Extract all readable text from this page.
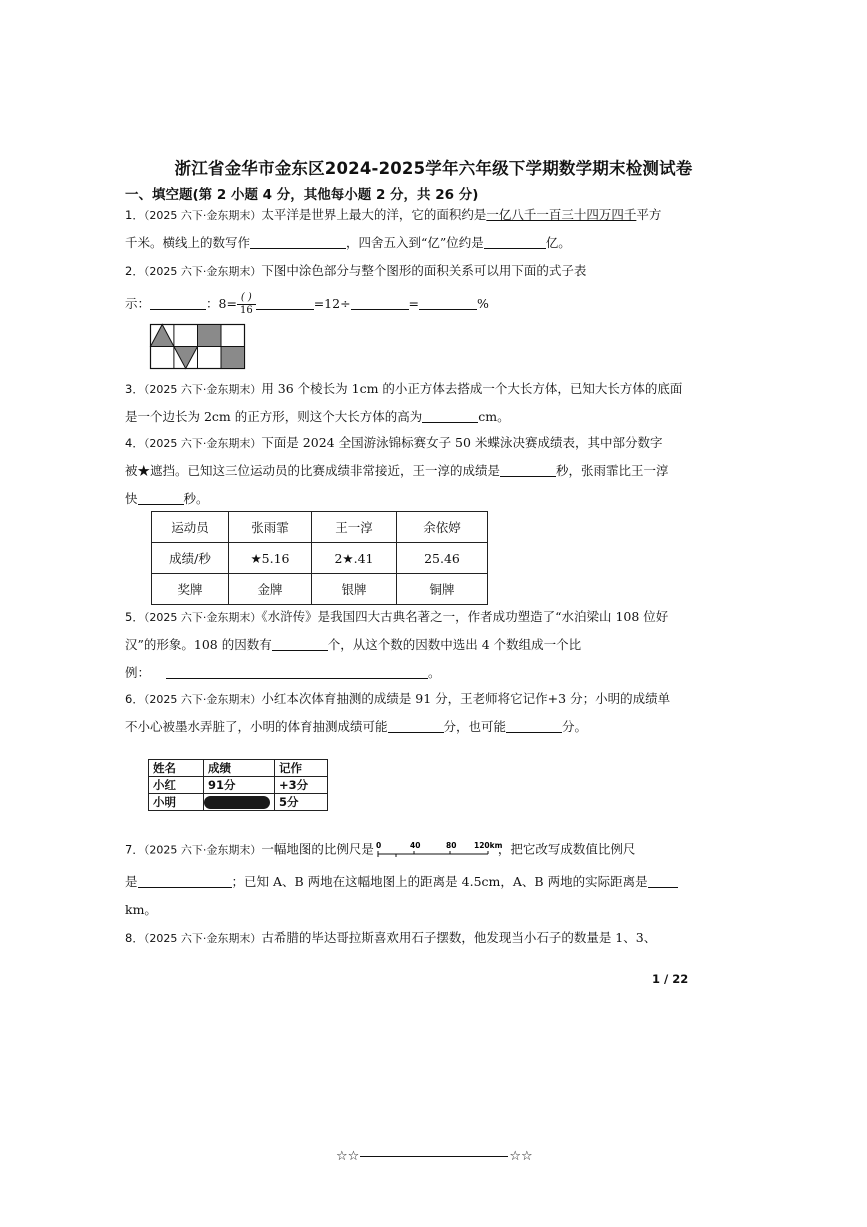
浙江省金华市金东区2024-2025学年六年级下学期数学期末检测试卷
一、填空题(第 2 小题 4 分，其他每小题 2 分，共 26 分)
1．（2025 六下·金东期末）太平洋是世界上最大的洋，它的面积约是一亿八千一百三十四万四千平方
千米。横线上的数写作	，四舍五入到“亿”位约是	亿。
2．（2025 六下·金东期末）下图中涂色部分与整个图形的面积关系可以用下面的式子表
示：	：$8= \frac{( )}{16}$	=12÷	=	%
3．（2025 六下·金东期末）用 36 个棱长为 1cm 的小正方体去搭成一个大长方体，已知大长方体的底面
是一个边长为 2cm 的正方形，则这个大长方体的高为	cm。
4．（2025 六下·金东期末）下面是 2024 全国游泳锦标赛女子 50 米蝶泳决赛成绩表，其中部分数字
被★遮挡。已知这三位运动员的比赛成绩非常接近，王一淳的成绩是	秒，张雨霏比王一淳
快	秒。
运动员	张雨霏	王一淳	余依婷
成绩/秒	★5.16	2★.41	25.46
奖牌	金牌	银牌	铜牌
5．（2025 六下·金东期末）《水浒传》是我国四大古典名著之一，作者成功塑造了“水泊梁山 108 位好
汉”的形象。108 的因数有	个，从这个数的因数中选出 4 个数组成一个比
例：	。
6．（2025 六下·金东期末）小红本次体育抽测的成绩是 91 分，王老师将它记作+3 分；小明的成绩单
不小心被墨水弄脏了，小明的体育抽测成绩可能	分，也可能	分。
姓名	成绩	记作
小红	91分	+3分
小明		5分
7．（2025 六下·金东期末）一幅地图的比例尺是 0	40	80 120km
，把它改写成数值比例尺
是	；已知 A、B 两地在这幅地图上的距离是 4.5cm，A、B 两地的实际距离是
km。
8．（2025 六下·金东期末）古希腊的毕达哥拉斯喜欢用石子摆数，他发现当小石子的数量是 1、3、
1 / 22
☆☆	☆☆
